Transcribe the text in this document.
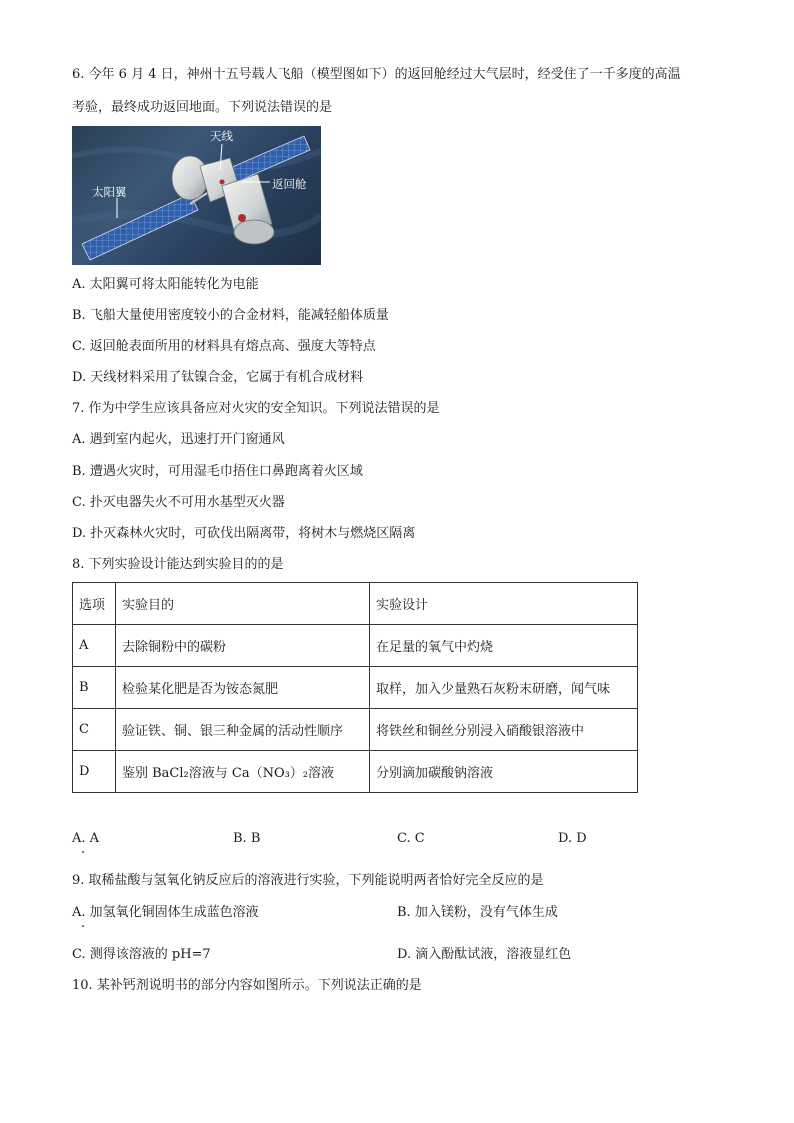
6. 今年 6 月 4 日，神州十五号载人飞船（模型图如下）的返回舱经过大气层时，经受住了一千多度的高温
考验，最终成功返回地面。下列说法错误的是
天线
太阳翼
返回舱
A. 太阳翼可将太阳能转化为电能
B. 飞船大量使用密度较小的合金材料，能减轻船体质量
C. 返回舱表面所用的材料具有熔点高、强度大等特点
D. 天线材料采用了钛镍合金，它属于有机合成材料
7. 作为中学生应该具备应对火灾的安全知识。下列说法错误的是
A. 遇到室内起火，迅速打开门窗通风
B. 遭遇火灾时，可用湿毛巾捂住口鼻跑离着火区域
C. 扑灭电器失火不可用水基型灭火器
D. 扑灭森林火灾时，可砍伐出隔离带，将树木与燃烧区隔离
8. 下列实验设计能达到实验目的的是
选项	实验目的	实验设计
A	去除铜粉中的碳粉	在足量的氧气中灼烧
B	检验某化肥是否为铵态氮肥	取样，加入少量熟石灰粉末研磨，闻气味
C	验证铁、铜、银三种金属的活动性顺序	将铁丝和铜丝分别浸入硝酸银溶液中
D	鉴别 BaCl₂溶液与 Ca（NO₃）₂溶液	分别滴加碳酸钠溶液
A. A	B. B	C. C	D. D
9. 取稀盐酸与氢氧化钠反应后的溶液进行实验，下列能说明两者恰好完全反应的是
A. 加氢氧化铜固体生成蓝色溶液	B. 加入镁粉，没有气体生成
C. 测得该溶液的 pH=7	D. 滴入酚酞试液，溶液显红色
10. 某补钙剂说明书的部分内容如图所示。下列说法正确的是
